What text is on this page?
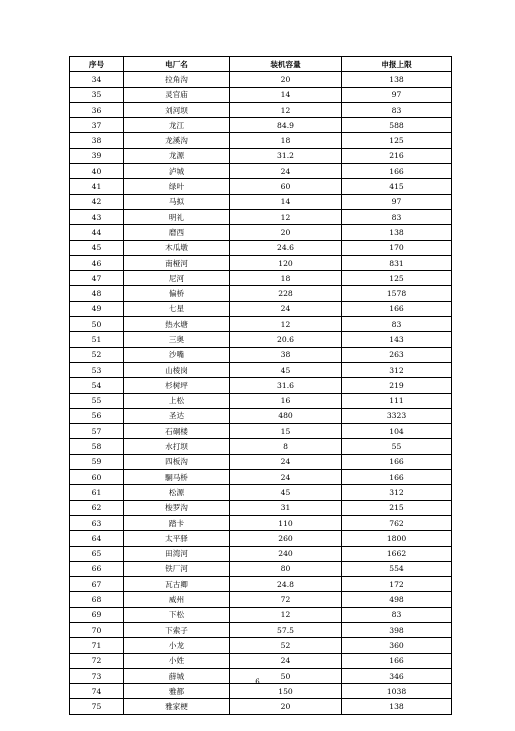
序号	电厂名	装机容量	申报上限
34	拉角沟	20	138
35	灵官庙	14	97
36	刘河坝	12	83
37	龙江	84.9	588
38	龙溪沟	18	125
39	龙源	31.2	216
40	泸城	24	166
41	绿叶	60	415
42	马拟	14	97
43	明礼	12	83
44	磨西	20	138
45	木瓜墩	24.6	170
46	南桠河	120	831
47	尼河	18	125
48	偏桥	228	1578
49	七星	24	166
50	热水塘	12	83
51	三奥	20.6	143
52	沙嘴	38	263
53	山棱岗	45	312
54	杉树坪	31.6	219
55	上松	16	111
56	圣达	480	3323
57	石硐楼	15	104
58	水打坝	8	55
59	四板沟	24	166
60	駉马桥	24	166
61	松源	45	312
62	梭罗沟	31	215
63	踏卡	110	762
64	太平驿	260	1800
65	田湾河	240	1662
66	铁厂河	80	554
67	瓦古卿	24.8	172
68	威州	72	498
69	下松	12	83
70	下索子	57.5	398
71	小龙	52	360
72	小姓	24	166
73	薛城	50	346
74	雅都	150	1038
75	雅家梗	20	138
6
